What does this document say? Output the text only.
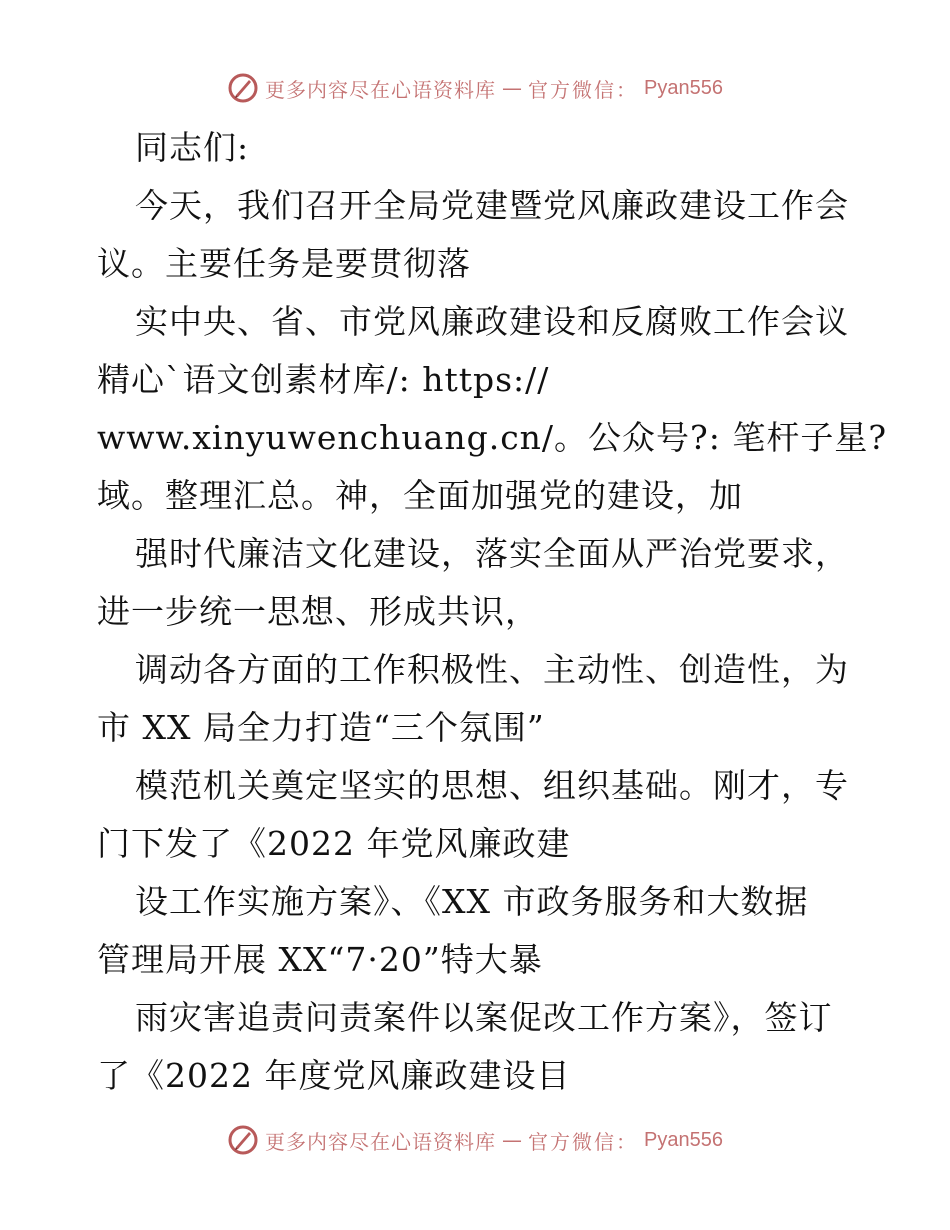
更多内容尽在心语资料库 — 官方微信： Pyan556
同志们:
今天，我们召开全局党建暨党风廉政建设工作会
议。主要任务是要贯彻落
实中央、省、市党风廉政建设和反腐败工作会议
精心`语文创素材库/: https://
www.xinyuwenchuang.cn/。公众号?: 笔杆子星?
域。整理汇总。神，全面加强党的建设，加
强时代廉洁文化建设，落实全面从严治党要求，
进一步统一思想、形成共识，
调动各方面的工作积极性、主动性、创造性，为
市 XX 局全力打造“三个氛围”
模范机关奠定坚实的思想、组织基础。刚才，专
门下发了《2022 年党风廉政建
设工作实施方案》、《XX 市政务服务和大数据
管理局开展 XX“7·20”特大暴
雨灾害追责问责案件以案促改工作方案》，签订
了《2022 年度党风廉政建设目
更多内容尽在心语资料库 — 官方微信： Pyan556
